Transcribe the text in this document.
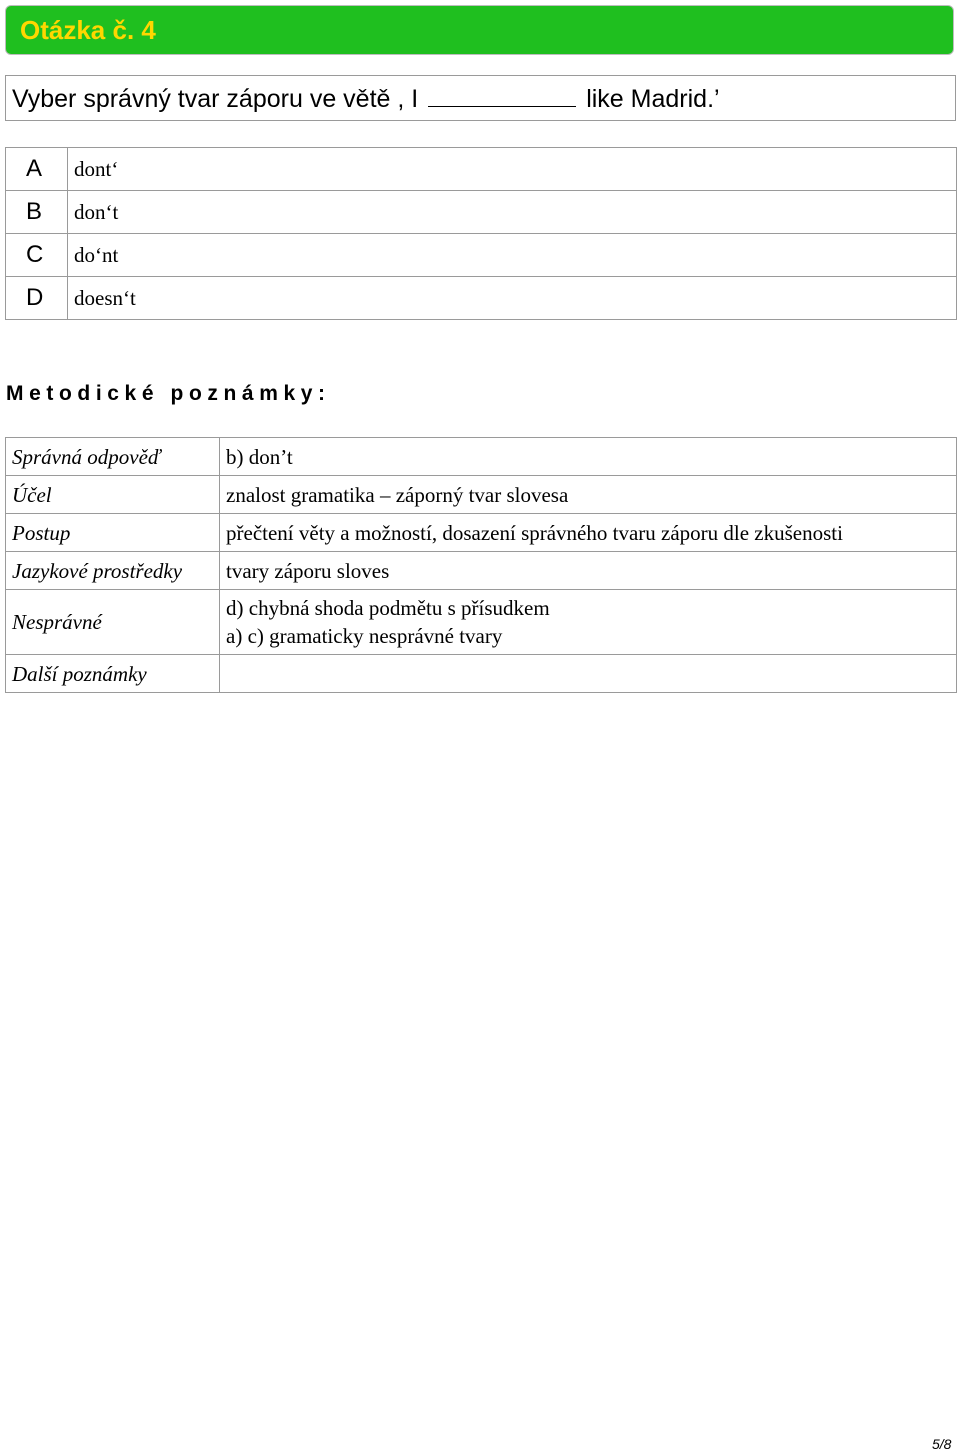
Otázka č. 4
Vyber správný tvar záporu ve větě , I	like Madrid.’
A	dont‘
B	don‘t
C	do‘nt
D	doesn‘t
Metodické poznámky:
Správná odpověď	b) don’t
Účel	znalost gramatika – záporný tvar slovesa
Postup	přečtení věty a možností, dosazení správného tvaru záporu dle zkušenosti
Jazykové prostředky	tvary záporu sloves
Nesprávné	d) chybná shoda podmětu s přísudkem
a) c) gramaticky nesprávné tvary

Další poznámky	
5/8
